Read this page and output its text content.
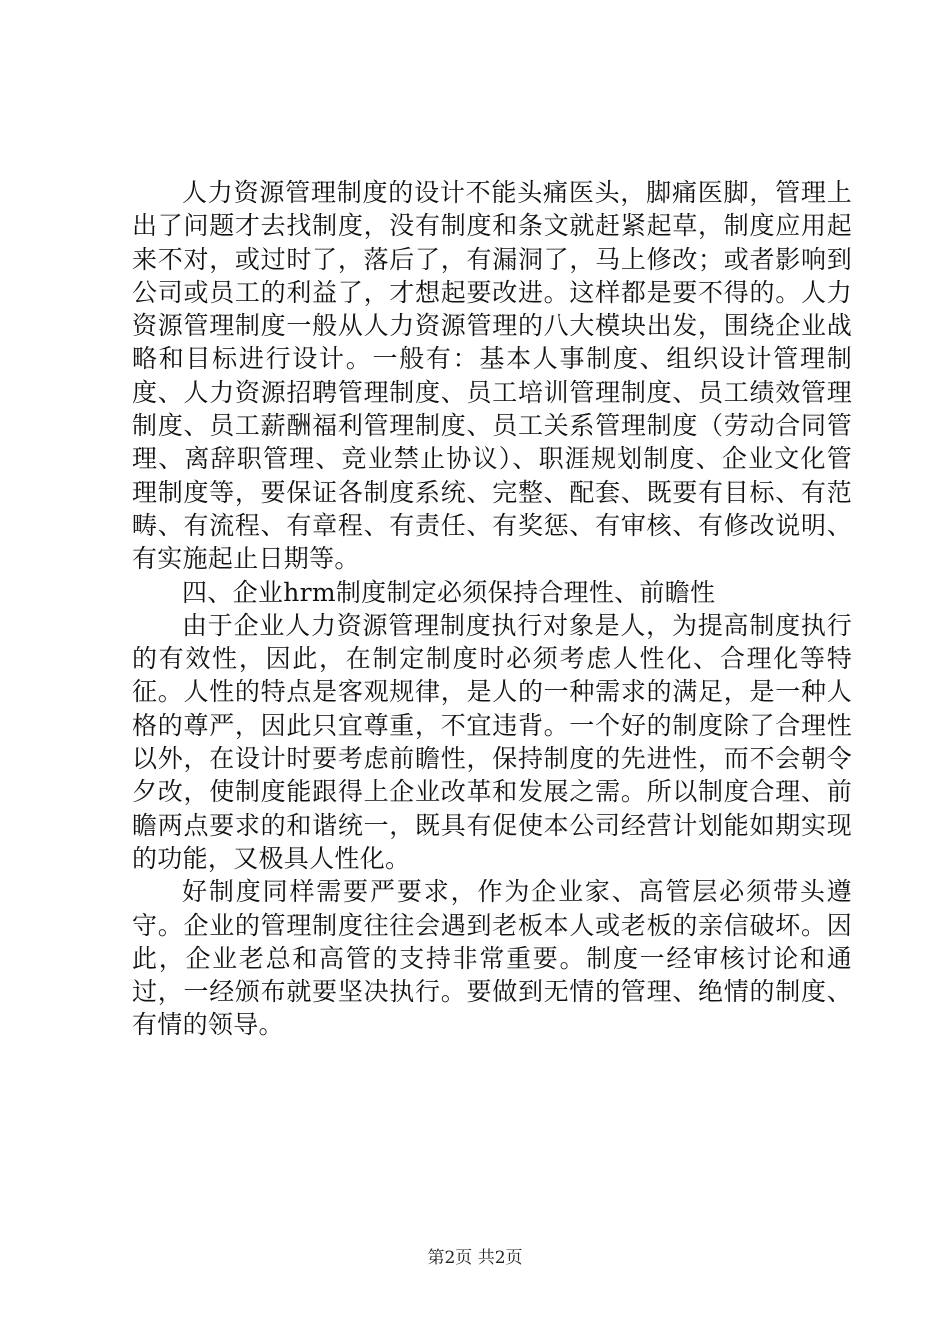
人力资源管理制度的设计不能头痛医头，脚痛医脚，管理上出了问题才去找制度，没有制度和条文就赶紧起草，制度应用起来不对，或过时了，落后了，有漏洞了，马上修改；或者影响到公司或员工的利益了，才想起要改进。这样都是要不得的。人力资源管理制度一般从人力资源管理的八大模块出发，围绕企业战略和目标进行设计。一般有：基本人事制度、组织设计管理制度、人力资源招聘管理制度、员工培训管理制度、员工绩效管理制度、员工薪酬福利管理制度、员工关系管理制度（劳动合同管理、离辞职管理、竞业禁止协议）、职涯规划制度、企业文化管理制度等，要保证各制度系统、完整、配套、既要有目标、有范畴、有流程、有章程、有责任、有奖惩、有审核、有修改说明、有实施起止日期等。

四、企业hrm制度制定必须保持合理性、前瞻性

由于企业人力资源管理制度执行对象是人，为提高制度执行的有效性，因此，在制定制度时必须考虑人性化、合理化等特征。人性的特点是客观规律，是人的一种需求的满足，是一种人格的尊严，因此只宜尊重，不宜违背。一个好的制度除了合理性以外，在设计时要考虑前瞻性，保持制度的先进性，而不会朝令夕改，使制度能跟得上企业改革和发展之需。所以制度合理、前瞻两点要求的和谐统一，既具有促使本公司经营计划能如期实现的功能，又极具人性化。

好制度同样需要严要求，作为企业家、高管层必须带头遵守。企业的管理制度往往会遇到老板本人或老板的亲信破坏。因此，企业老总和高管的支持非常重要。制度一经审核讨论和通过，一经颁布就要坚决执行。要做到无情的管理、绝情的制度、有情的领导。

第2页 共2页
